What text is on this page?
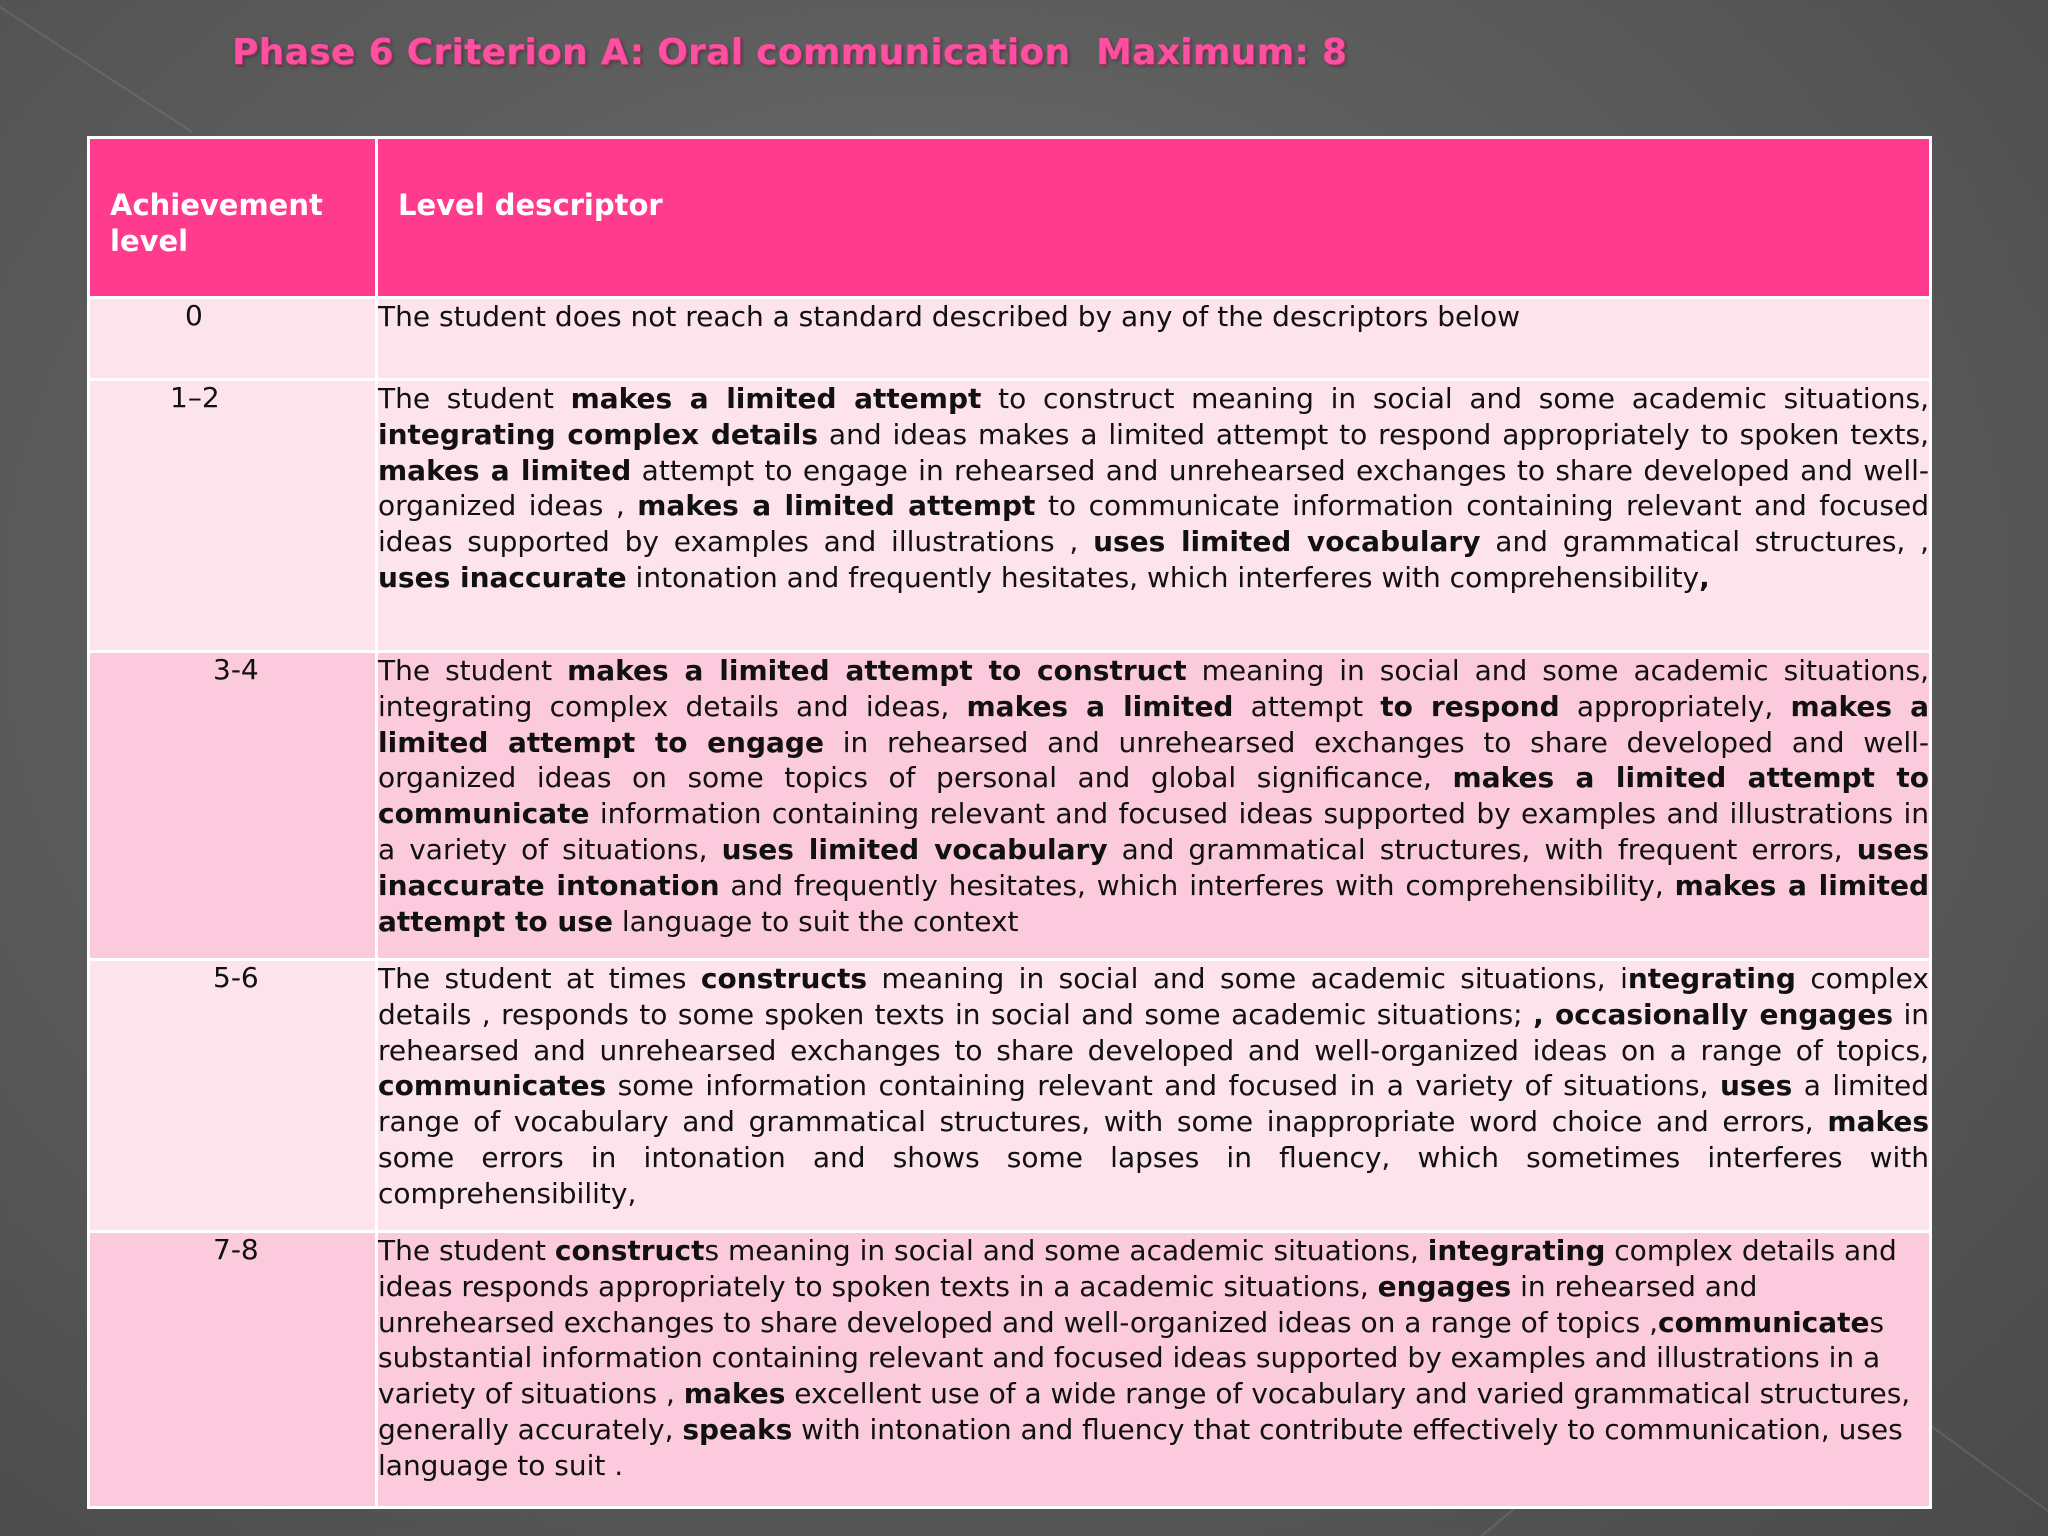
Phase 6 Criterion A: Oral communication  Maximum: 8
Achievement
level	Level descriptor
0	The student does not reach a standard described by any of the descriptors below
1–2	The student makes a limited attempt to construct meaning in social and some academic situations, integrating complex details and ideas makes a limited attempt to respond appropriately to spoken texts, makes a limited attempt to engage in rehearsed and unrehearsed exchanges to share developed and well-organized ideas , makes a limited attempt to communicate information containing relevant and focused ideas supported by examples and illustrations , uses limited vocabulary and grammatical structures, , uses inaccurate intonation and frequently hesitates, which interferes with comprehensibility,
3-4	The student makes a limited attempt to construct meaning in social and some academic situations, integrating complex details and ideas, makes a limited attempt to respond appropriately, makes a limited attempt to engage in rehearsed and unrehearsed exchanges to share developed and well-organized ideas on some topics of personal and global significance, makes a limited attempt to communicate information containing relevant and focused ideas supported by examples and illustrations in a variety of situations, uses limited vocabulary and grammatical structures, with frequent errors, uses inaccurate intonation and frequently hesitates, which interferes with comprehensibility, makes a limited attempt to use language to suit the context
5-6	The student at times constructs meaning in social and some academic situations, integrating complex details , responds to some spoken texts in social and some academic situations; , occasionally engages in rehearsed and unrehearsed exchanges to share developed and well-organized ideas on a range of topics, communicates some information containing relevant and focused in a variety of situations, uses a limited range of vocabulary and grammatical structures, with some inappropriate word choice and errors, makes some errors in intonation and shows some lapses in fluency, which sometimes interferes with comprehensibility,
7-8	The student constructs meaning in social and some academic situations, integrating complex details and ideas responds appropriately to spoken texts in a academic situations, engages in rehearsed and unrehearsed exchanges to share developed and well-organized ideas on a range of topics ,communicates substantial information containing relevant and focused ideas supported by examples and illustrations in a variety of situations , makes excellent use of a wide range of vocabulary and varied grammatical structures, generally accurately, speaks with intonation and fluency that contribute effectively to communication, uses language to suit .
